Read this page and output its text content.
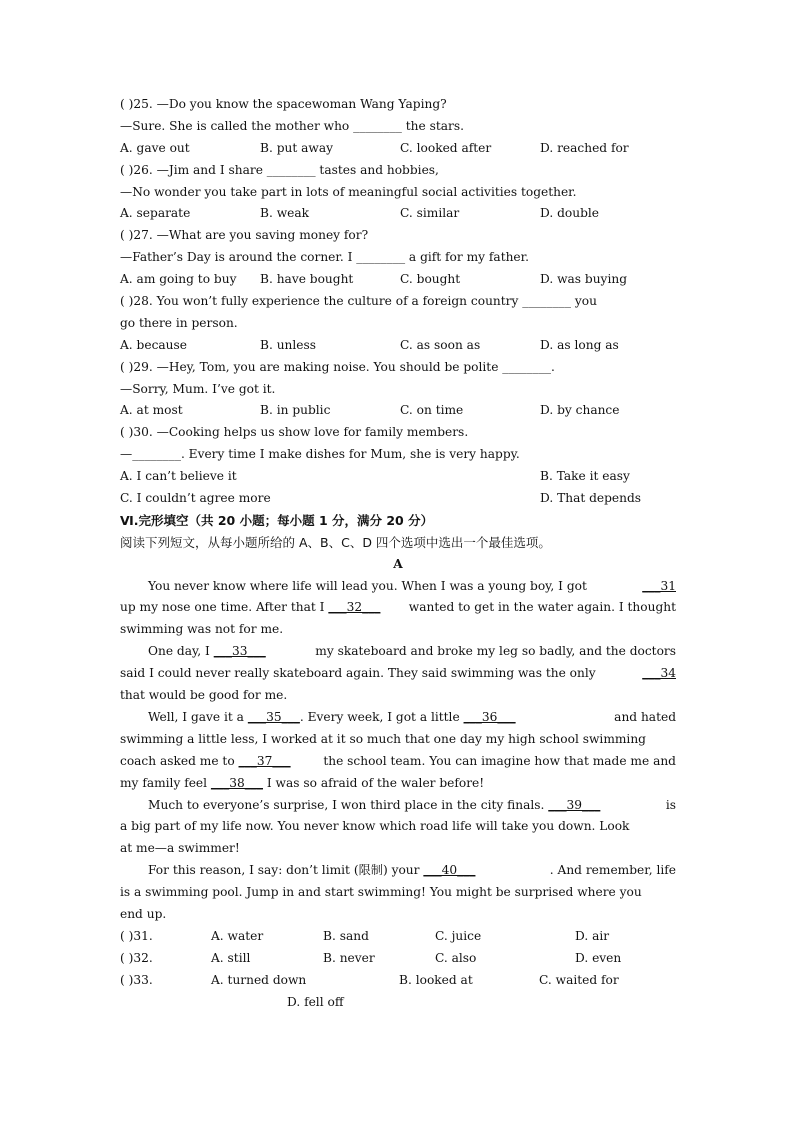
( )25. —Do you know the spacewoman Wang Yaping?
—Sure. She is called the mother who ________ the stars.
A. gave out	B. put away	C. looked after	D. reached for
( )26. —Jim and I share ________ tastes and hobbies,
—No wonder you take part in lots of meaningful social activities together.
A. separate	B. weak	C. similar	D. double
( )27. —What are you saving money for?
—Father’s Day is around the corner. I ________ a gift for my father.
A. am going to buy	B. have bought	C. bought	D. was buying
( )28. You won’t fully experience the culture of a foreign country ________ you
go there in person.
A. because	B. unless	C. as soon as	D. as long as
( )29. —Hey, Tom, you are making noise. You should be polite ________.
—Sorry, Mum. I’ve got it.
A. at most	B. in public	C. on time	D. by chance
( )30. —Cooking helps us show love for family members.
—________. Every time I make dishes for Mum, she is very happy.
A. I can’t believe it	B. Take it easy
C. I couldn’t agree more	D. That depends
Ⅵ.完形填空（共 20 小题；每小题 1 分，满分 20 分）
阅读下列短文，从每小题所给的 A、B、C、D 四个选项中选出一个最佳选项。
A
You never know where life will lead you. When I was a young boy, I got	___31
up my nose one time. After that I ___32___ wanted to get in the water again. I thought
swimming was not for me.
One day, I ___33___	my skateboard and broke my leg so badly, and the doctors
said I could never really skateboard again. They said swimming was the only	___34
that would be good for me.
Well, I gave it a ___35___. Every week, I got a little ___36___	and hated
swimming a little less, I worked at it so much that one day my high school swimming
coach asked me to ___37___	the school team. You can imagine how that made me and
my family feel ___38___ I was so afraid of the waler before!
Much to everyone’s surprise, I won third place in the city finals. ___39___	is
a big part of my life now. You never know which road life will take you down. Look
at me—a swimmer!
For this reason, I say: don’t limit (限制) your ___40___	. And remember, life
is a swimming pool. Jump in and start swimming! You might be surprised where you
end up.
( )31.	A. water	B. sand	C. juice	D. air
( )32.	A. still	B. never	C. also	D. even
( )33.	A. turned down	B. looked at	C. waited for
D. fell off
